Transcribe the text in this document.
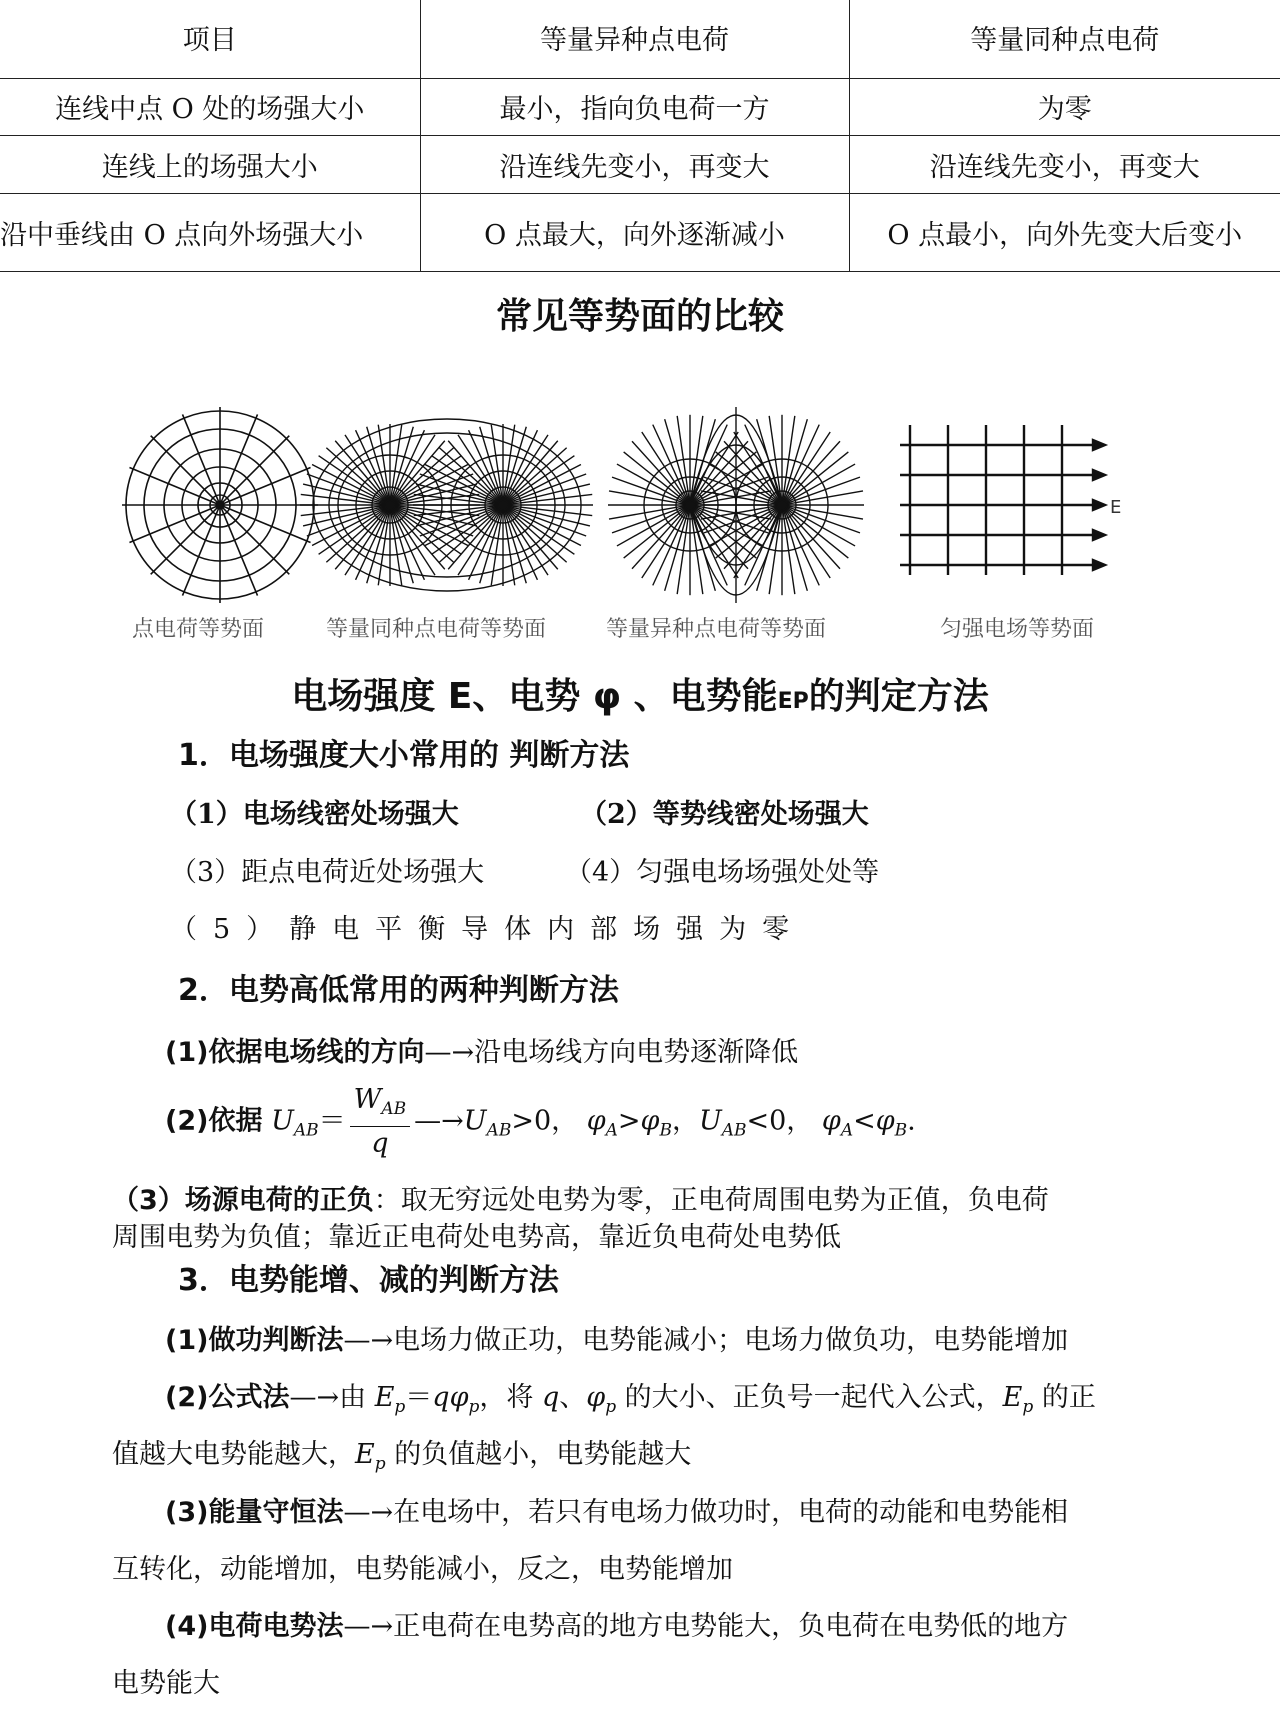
项目	等量异种点电荷	等量同种点电荷
连线中点 O 处的场强大小	最小，指向负电荷一方	为零
连线上的场强大小	沿连线先变小，再变大	沿连线先变小，再变大
沿中垂线由 O 点向外场强大小	O 点最大，向外逐渐减小	O 点最小，向外先变大后变小
常见等势面的比较
E
点电荷等势面	等量同种点电荷等势面	等量异种点电荷等势面	匀强电场等势面
电场强度 E、电势 φ 、电势能EP的判定方法
1．电场强度大小常用的 判断方法
（1）电场线密处场强大	（2）等势线密处场强大
（3）距点电荷近处场强大	（4）匀强电场场强处处等
（5）静电平衡导体内部场强为零
2．电势高低常用的两种判断方法
(1)依据电场线的方向—→沿电场线方向电势逐渐降低
(2)依据 $U_{AB}= \frac{W_{AB}}{q}$ $—\to U_{AB}>0$， $\varphi_A>\varphi_B$，$U_{AB}<0$， $\varphi_A<\varphi_B$.
（3）场源电荷的正负：取无穷远处电势为零，正电荷周围电势为正值，负电荷
周围电势为负值；靠近正电荷处电势高，靠近负电荷处电势低
3．电势能增、减的判断方法
(1)做功判断法—→电场力做正功，电势能减小；电场力做负功，电势能增加
(2)公式法—→由 $E_p=q\varphi_p$，将 q、$\varphi_p$ 的大小、正负号一起代入公式，$E_p$ 的正
值越大电势能越大，$E_p$ 的负值越小，电势能越大
(3)能量守恒法—→在电场中，若只有电场力做功时，电荷的动能和电势能相
互转化，动能增加，电势能减小，反之，电势能增加
(4)电荷电势法—→正电荷在电势高的地方电势能大，负电荷在电势低的地方
电势能大
